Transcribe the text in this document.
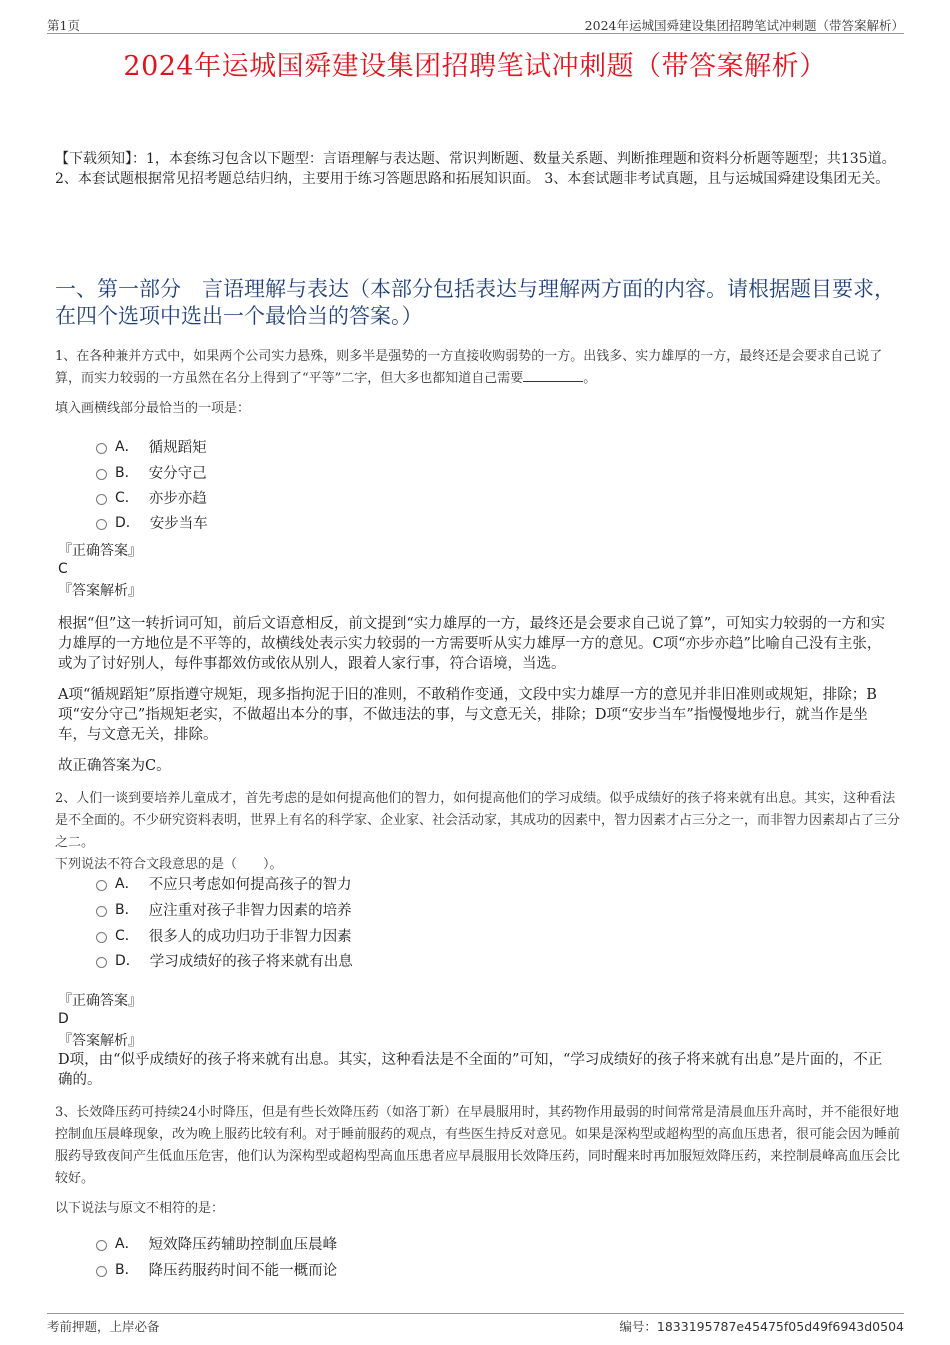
第1页	2024年运城国舜建设集团招聘笔试冲刺题（带答案解析）
2024年运城国舜建设集团招聘笔试冲刺题（带答案解析）
【下载须知】：1，本套练习包含以下题型：言语理解与表达题、常识判断题、数量关系题、判断推理题和资料分析题等题型；共135道。 2、本套试题根据常见招考题总结归纳，主要用于练习答题思路和拓展知识面。 3、本套试题非考试真题，且与运城国舜建设集团无关。
一、第一部分　言语理解与表达（本部分包括表达与理解两方面的内容。请根据题目要求，在四个选项中选出一个最恰当的答案。）
1、在各种兼并方式中，如果两个公司实力悬殊，则多半是强势的一方直接收购弱势的一方。出钱多、实力雄厚的一方，最终还是会要求自己说了算，而实力较弱的一方虽然在名分上得到了“平等”二字，但大多也都知道自己需要	。
填入画横线部分最恰当的一项是：
A． 循规蹈矩
B． 安分守己
C． 亦步亦趋
D． 安步当车
『正确答案』
C
『答案解析』
根据“但”这一转折词可知，前后文语意相反，前文提到“实力雄厚的一方，最终还是会要求自己说了算”，可知实力较弱的一方和实力雄厚的一方地位是不平等的，故横线处表示实力较弱的一方需要听从实力雄厚一方的意见。C项“亦步亦趋”比喻自己没有主张，或为了讨好别人，每件事都效仿或依从别人，跟着人家行事，符合语境，当选。
A项“循规蹈矩”原指遵守规矩，现多指拘泥于旧的准则，不敢稍作变通，文段中实力雄厚一方的意见并非旧准则或规矩，排除；B项“安分守己”指规矩老实，不做超出本分的事，不做违法的事，与文意无关，排除；D项“安步当车”指慢慢地步行，就当作是坐车，与文意无关，排除。
故正确答案为C。
2、人们一谈到要培养儿童成才，首先考虑的是如何提高他们的智力，如何提高他们的学习成绩。似乎成绩好的孩子将来就有出息。其实，这种看法是不全面的。不少研究资料表明，世界上有名的科学家、企业家、社会活动家，其成功的因素中，智力因素才占三分之一，而非智力因素却占了三分之二。
下列说法不符合文段意思的是（　　）。
A． 不应只考虑如何提高孩子的智力
B． 应注重对孩子非智力因素的培养
C． 很多人的成功归功于非智力因素
D． 学习成绩好的孩子将来就有出息
『正确答案』
D
『答案解析』
D项，由“似乎成绩好的孩子将来就有出息。其实，这种看法是不全面的”可知，“学习成绩好的孩子将来就有出息”是片面的，不正确的。
3、长效降压药可持续24小时降压，但是有些长效降压药（如洛丁新）在早晨服用时，其药物作用最弱的时间常常是清晨血压升高时，并不能很好地控制血压晨峰现象，改为晚上服药比较有利。对于睡前服药的观点，有些医生持反对意见。如果是深构型或超构型的高血压患者，很可能会因为睡前服药导致夜间产生低血压危害，他们认为深构型或超构型高血压患者应早晨服用长效降压药，同时醒来时再加服短效降压药，来控制晨峰高血压会比较好。
以下说法与原文不相符的是：
A． 短效降压药辅助控制血压晨峰
B． 降压药服药时间不能一概而论
考前押题，上岸必备	编号：1833195787e45475f05d49f6943d0504
